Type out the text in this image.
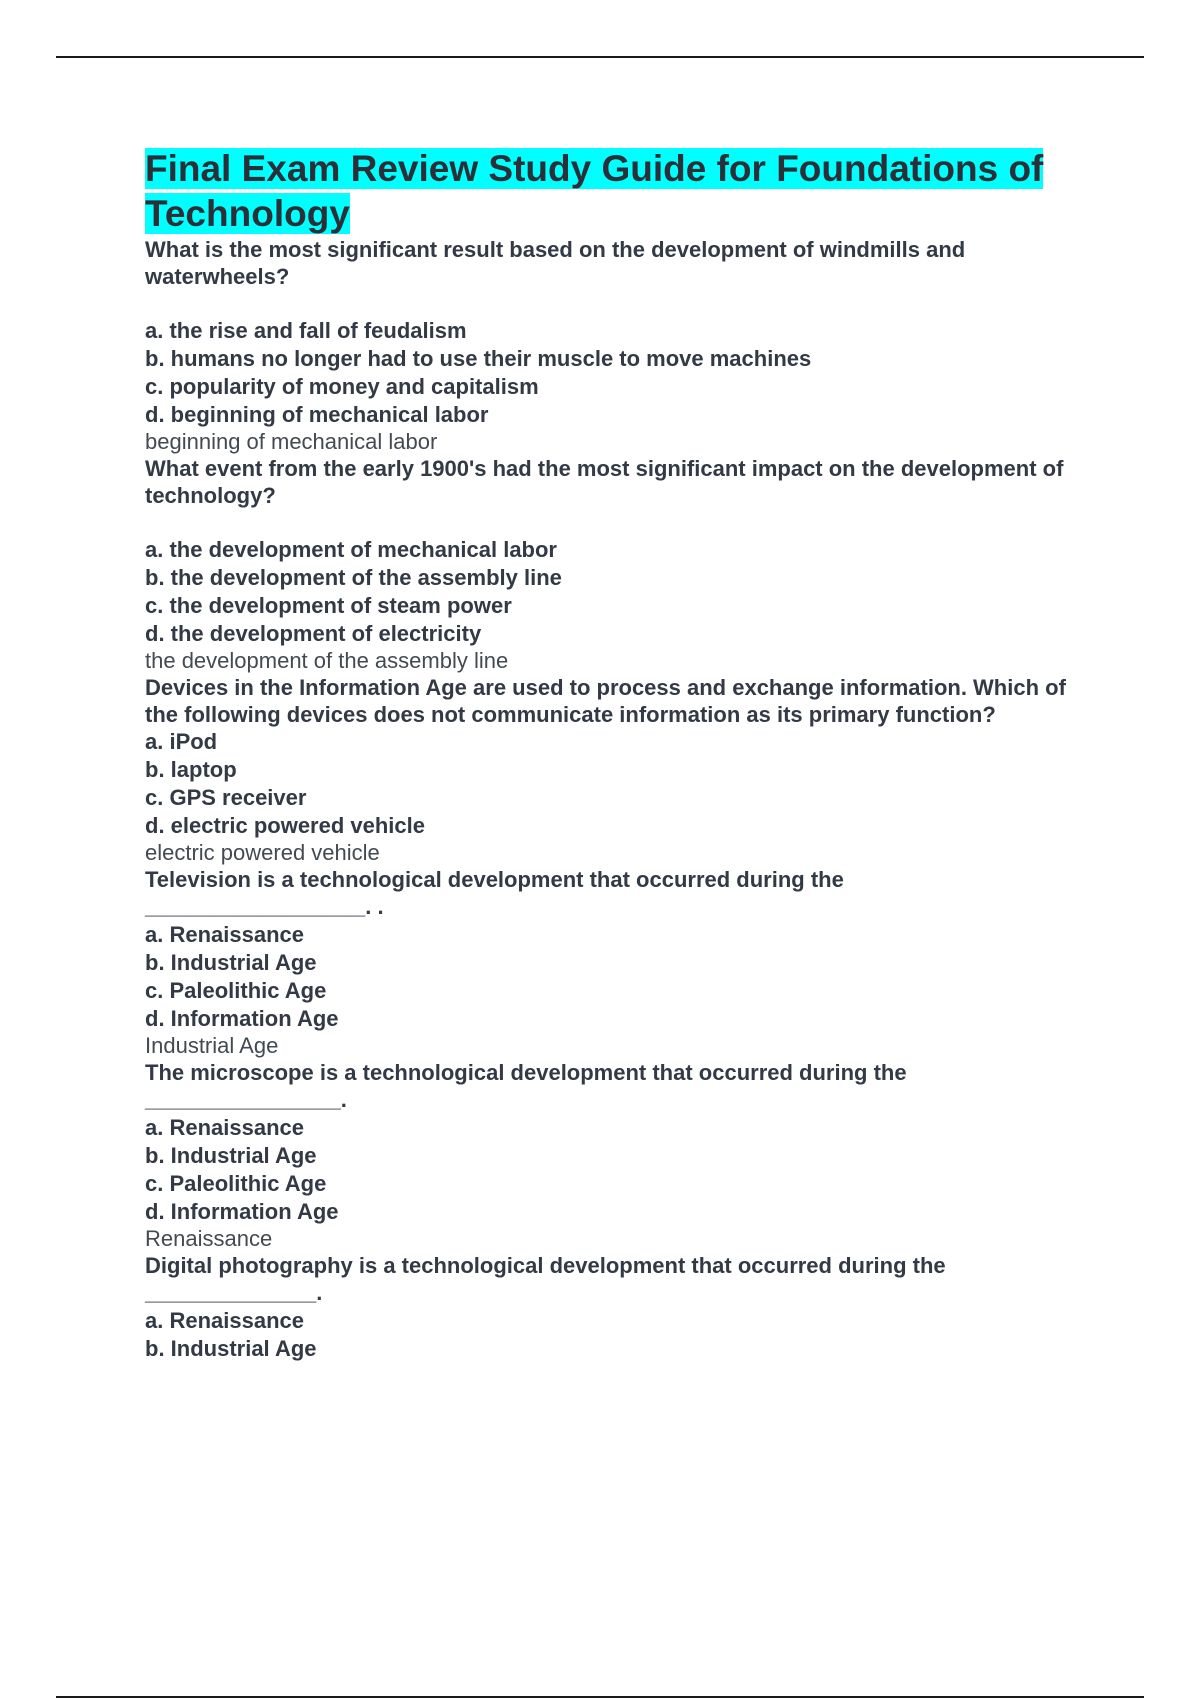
Final Exam Review Study Guide for Foundations of Technology

What is the most significant result based on the development of windmills and waterwheels?

a. the rise and fall of feudalism
b. humans no longer had to use their muscle to move machines
c. popularity of money and capitalism
d. beginning of mechanical labor

beginning of mechanical labor

What event from the early 1900's had the most significant impact on the development of technology?

a. the development of mechanical labor
b. the development of the assembly line
c. the development of steam power
d. the development of electricity

the development of the assembly line

Devices in the Information Age are used to process and exchange information. Which of the following devices does not communicate information as its primary function?

a. iPod
b. laptop
c. GPS receiver
d. electric powered vehicle

electric powered vehicle

Television is a technological development that occurred during the

__________________. .

a. Renaissance
b. Industrial Age
c. Paleolithic Age
d. Information Age

Industrial Age

The microscope is a technological development that occurred during the

________________.

a. Renaissance
b. Industrial Age
c. Paleolithic Age
d. Information Age

Renaissance

Digital photography is a technological development that occurred during the

______________.

a. Renaissance
b. Industrial Age
